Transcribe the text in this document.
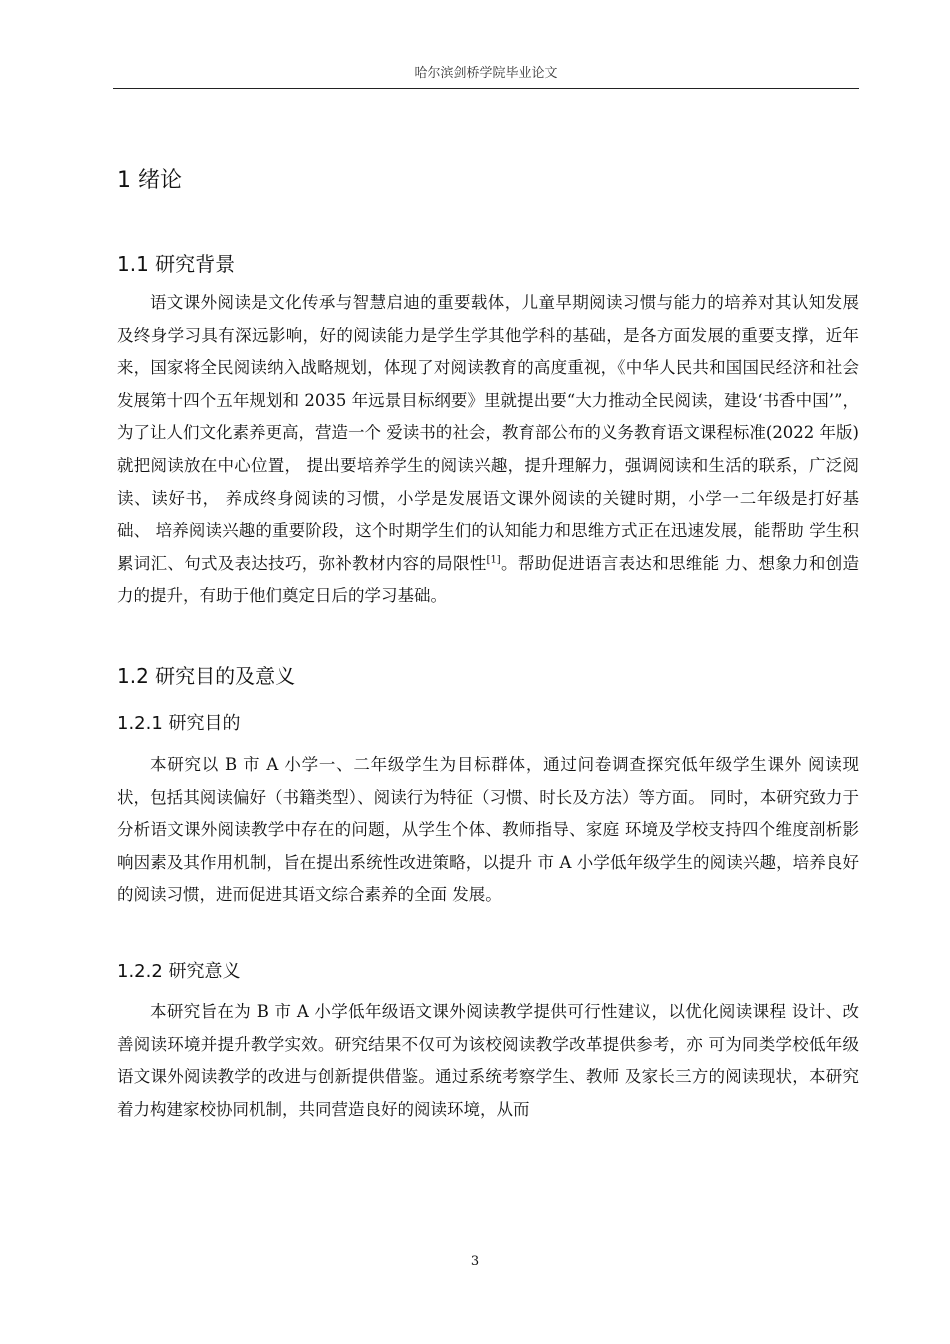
哈尔滨剑桥学院毕业论文
1 绪论
1.1 研究背景

语文课外阅读是文化传承与智慧启迪的重要载体，儿童早期阅读习惯与能力的培养对其认知发展及终身学习具有深远影响，好的阅读能力是学生学其他学科的基础，是各方面发展的重要支撑，近年来，国家将全民阅读纳入战略规划，体现了对阅读教育的高度重视，《中华人民共和国国民经济和社会发展第十四个五年规划和 2035 年远景目标纲要》里就提出要“大力推动全民阅读，建设‘书香中国’”，为了让人们文化素养更高，营造一个 爱读书的社会，教育部公布的义务教育语文课程标准(2022 年版)就把阅读放在中心位置， 提出要培养学生的阅读兴趣，提升理解力，强调阅读和生活的联系，广泛阅读、读好书， 养成终身阅读的习惯，小学是发展语文课外阅读的关键时期，小学一二年级是打好基础、 培养阅读兴趣的重要阶段，这个时期学生们的认知能力和思维方式正在迅速发展，能帮助 学生积累词汇、句式及表达技巧，弥补教材内容的局限性[1]。帮助促进语言表达和思维能 力、想象力和创造力的提升，有助于他们奠定日后的学习基础。

1.2 研究目的及意义
1.2.1 研究目的

本研究以 B 市 A 小学一、二年级学生为目标群体，通过问卷调查探究低年级学生课外 阅读现状，包括其阅读偏好（书籍类型）、阅读行为特征（习惯、时长及方法）等方面。 同时，本研究致力于分析语文课外阅读教学中存在的问题，从学生个体、教师指导、家庭 环境及学校支持四个维度剖析影响因素及其作用机制，旨在提出系统性改进策略，以提升 市 A 小学低年级学生的阅读兴趣，培养良好的阅读习惯，进而促进其语文综合素养的全面 发展。

1.2.2 研究意义

本研究旨在为 B 市 A 小学低年级语文课外阅读教学提供可行性建议，以优化阅读课程 设计、改善阅读环境并提升教学实效。研究结果不仅可为该校阅读教学改革提供参考，亦 可为同类学校低年级语文课外阅读教学的改进与创新提供借鉴。通过系统考察学生、教师 及家长三方的阅读现状，本研究着力构建家校协同机制，共同营造良好的阅读环境，从而

3
